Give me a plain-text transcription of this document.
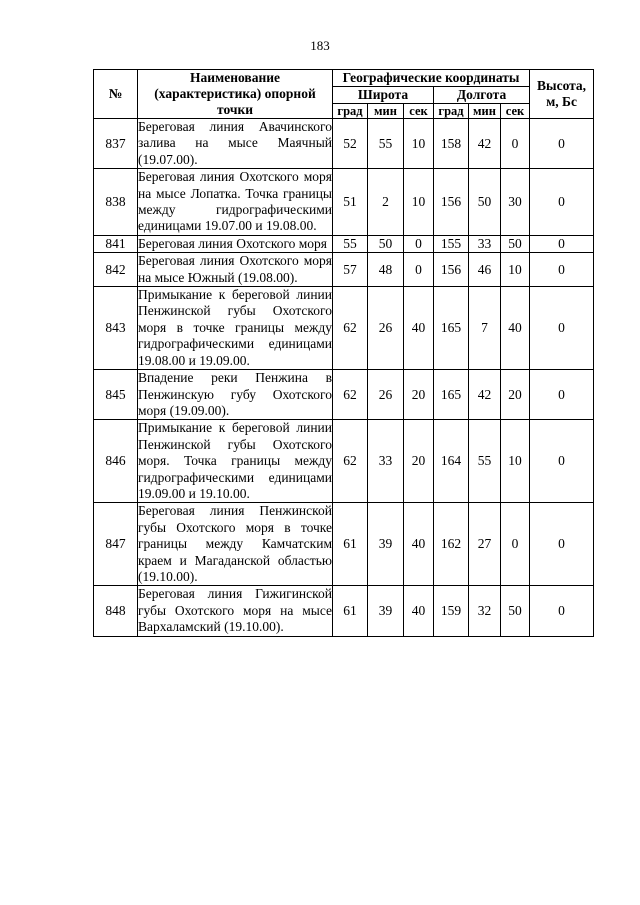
183
№	Наименование (характеристика) опорной точки	Географические координаты						Высота, м, Бс
		Широта			Долгота			
		град	мин	сек	град	мин	сек	
837	Береговая линия Авачинского залива на мысе Маячный (19.07.00).	52	55	10	158	42	0	0
838	Береговая линия Охотского моря на мысе Лопатка. Точка границы между гидрографическими единицами 19.07.00 и 19.08.00.	51	2	10	156	50	30	0
841	Береговая линия Охотского моря	55	50	0	155	33	50	0
842	Береговая линия Охотского моря на мысе Южный (19.08.00).	57	48	0	156	46	10	0
843	Примыкание к береговой линии Пенжинской губы Охотского моря в точке границы между гидрографическими единицами 19.08.00 и 19.09.00.	62	26	40	165	7	40	0
845	Впадение реки Пенжина в Пенжинскую губу Охотского моря (19.09.00).	62	26	20	165	42	20	0
846	Примыкание к береговой линии Пенжинской губы Охотского моря. Точка границы между гидрографическими единицами 19.09.00 и 19.10.00.	62	33	20	164	55	10	0
847	Береговая линия Пенжинской губы Охотского моря в точке границы между Камчатским краем и Магаданской областью (19.10.00).	61	39	40	162	27	0	0
848	Береговая линия Гижигинской губы Охотского моря на мысе Вархаламский (19.10.00).	61	39	40	159	32	50	0
